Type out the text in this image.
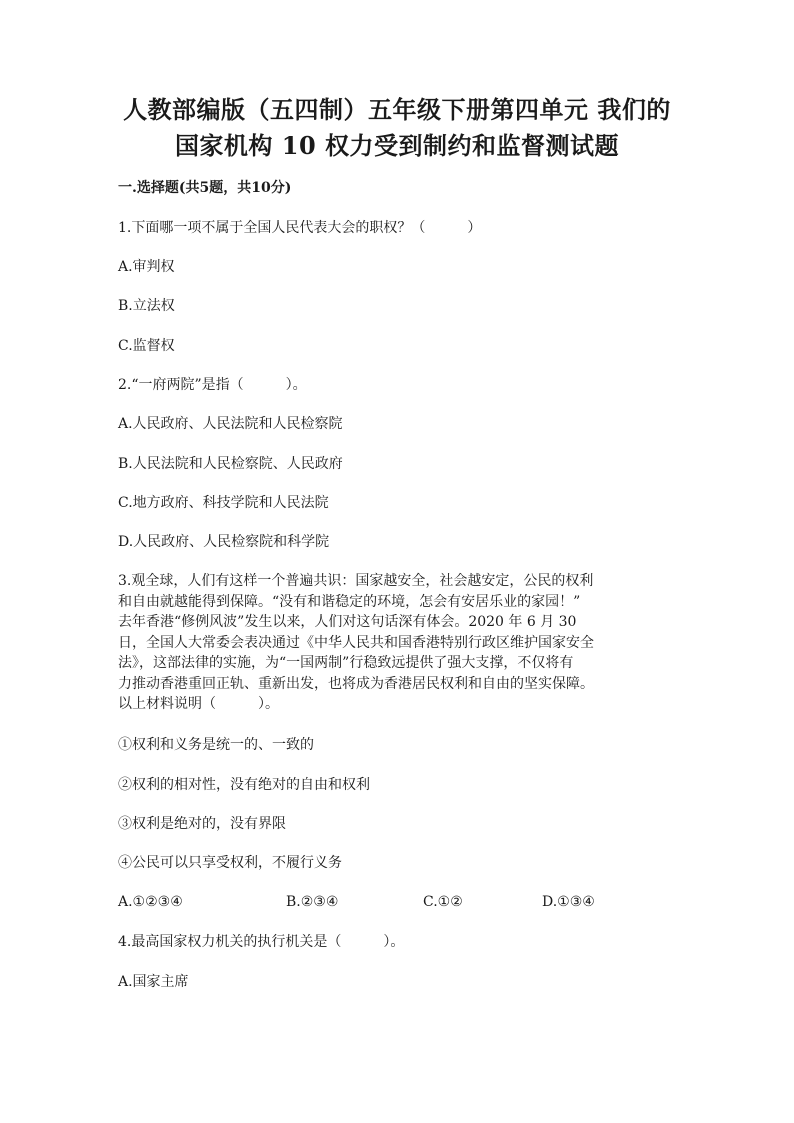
人教部编版（五四制）五年级下册第四单元 我们的
国家机构 10 权力受到制约和监督测试题
一.选择题(共5题，共10分)
1.下面哪一项不属于全国人民代表大会的职权？（　　　）
A.审判权
B.立法权
C.监督权
2.“一府两院”是指（　　　）。
A.人民政府、人民法院和人民检察院
B.人民法院和人民检察院、人民政府
C.地方政府、科技学院和人民法院
D.人民政府、人民检察院和科学院
3.观全球，人们有这样一个普遍共识：国家越安全，社会越安定，公民的权利
和自由就越能得到保障。“没有和谐稳定的环境，怎会有安居乐业的家园！”
去年香港“修例风波”发生以来，人们对这句话深有体会。2020 年 6 月 30
日，全国人大常委会表决通过《中华人民共和国香港特别行政区维护国家安全
法》，这部法律的实施，为“一国两制”行稳致远提供了强大支撑，不仅将有
力推动香港重回正轨、重新出发，也将成为香港居民权利和自由的坚实保障。
以上材料说明（　　　）。
①权利和义务是统一的、一致的
②权利的相对性，没有绝对的自由和权利
③权利是绝对的，没有界限
④公民可以只享受权利，不履行义务
A.①②③④	B.②③④	C.①②	D.①③④
4.最高国家权力机关的执行机关是（　　　）。
A.国家主席
